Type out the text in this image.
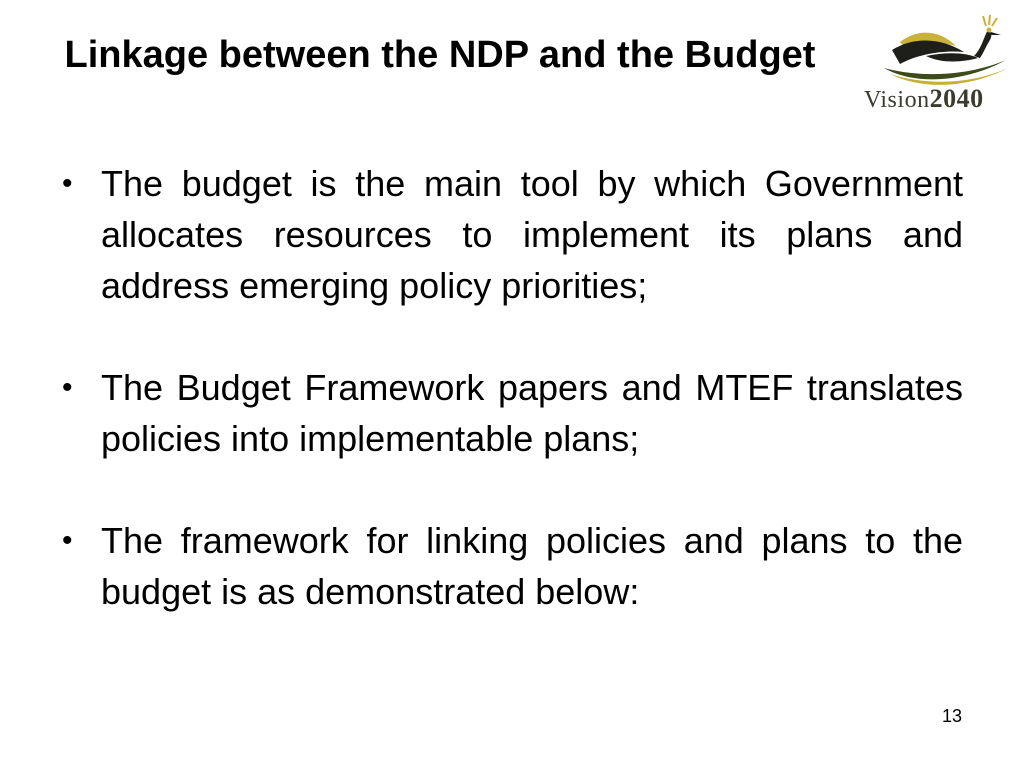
Linkage between the NDP and the Budget
Vision2040
• The budget is the main tool by which Government allocates resources to implement its plans and address emerging policy priorities;
• The Budget Framework papers and MTEF translates policies into implementable plans;
• The framework for linking policies and plans to the budget is as demonstrated below:
13
